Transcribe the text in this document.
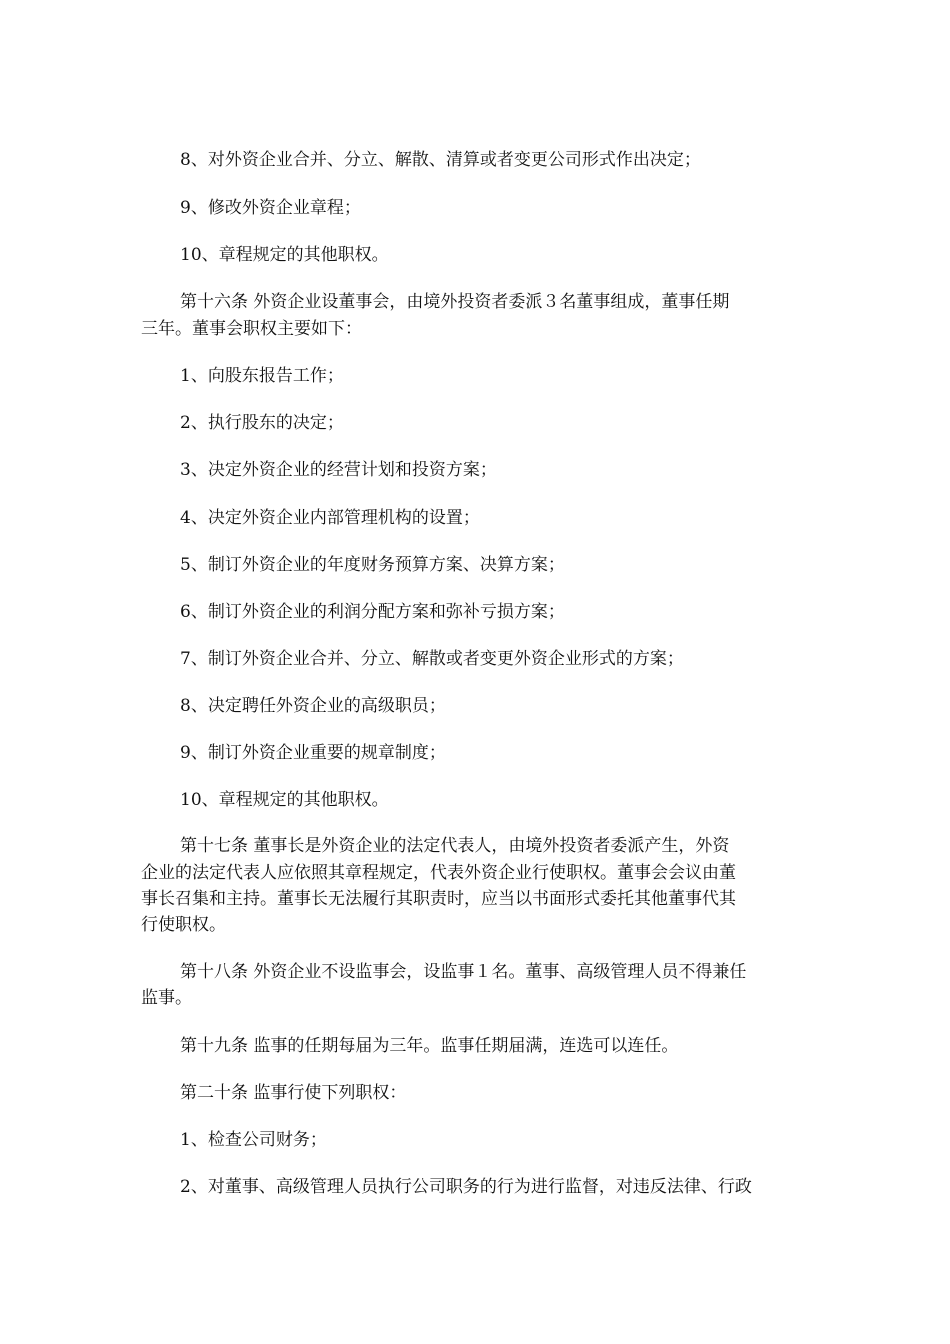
8、对外资企业合并、分立、解散、清算或者变更公司形式作出决定；
9、修改外资企业章程；
10、章程规定的其他职权。
第十六条 外资企业设董事会，由境外投资者委派３名董事组成，董事任期
三年。董事会职权主要如下：
1、向股东报告工作；
2、执行股东的决定；
3、决定外资企业的经营计划和投资方案；
4、决定外资企业内部管理机构的设置；
5、制订外资企业的年度财务预算方案、决算方案；
6、制订外资企业的利润分配方案和弥补亏损方案；
7、制订外资企业合并、分立、解散或者变更外资企业形式的方案；
8、决定聘任外资企业的高级职员；
9、制订外资企业重要的规章制度；
10、章程规定的其他职权。
第十七条 董事长是外资企业的法定代表人，由境外投资者委派产生，外资
企业的法定代表人应依照其章程规定，代表外资企业行使职权。董事会会议由董
事长召集和主持。董事长无法履行其职责时，应当以书面形式委托其他董事代其
行使职权。
第十八条 外资企业不设监事会，设监事１名。董事、高级管理人员不得兼任
监事。
第十九条 监事的任期每届为三年。监事任期届满，连选可以连任。
第二十条 监事行使下列职权：
1、检查公司财务；
2、对董事、高级管理人员执行公司职务的行为进行监督，对违反法律、行政
